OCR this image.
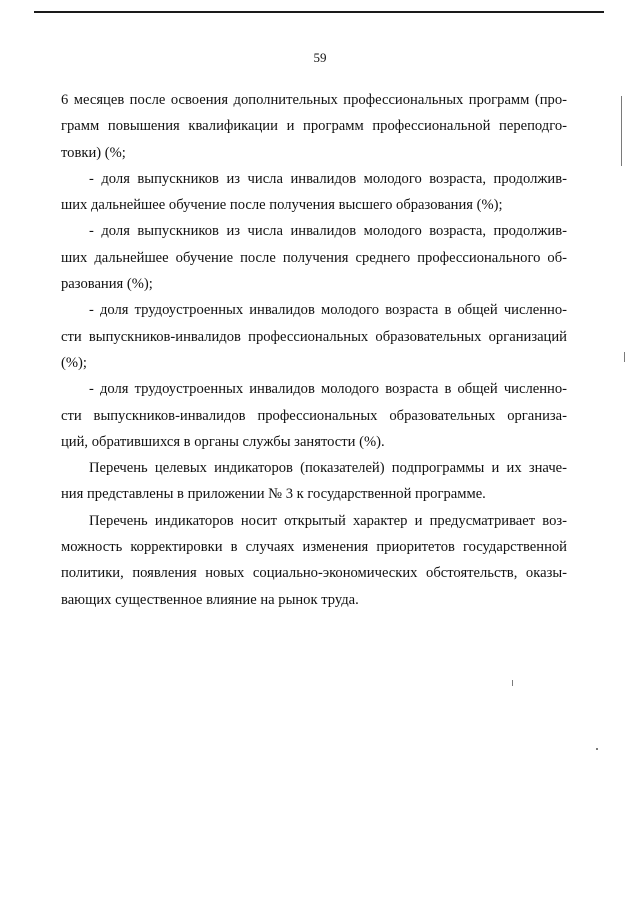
59
6 месяцев после освоения дополнительных профессиональных программ (про-
грамм повышения квалификации и программ профессиональной переподго-
товки) (%;
- доля выпускников из числа инвалидов молодого возраста, продолжив-
ших дальнейшее обучение после получения высшего образования (%);
- доля выпускников из числа инвалидов молодого возраста, продолжив-
ших дальнейшее обучение после получения среднего профессионального об-
разования (%);
- доля трудоустроенных инвалидов молодого возраста в общей численно-
сти выпускников-инвалидов профессиональных образовательных организаций
(%);
- доля трудоустроенных инвалидов молодого возраста в общей численно-
сти выпускников-инвалидов профессиональных образовательных организа-
ций, обратившихся в органы службы занятости (%).
Перечень целевых индикаторов (показателей) подпрограммы и их значе-
ния представлены в приложении № 3 к государственной программе.
Перечень индикаторов носит открытый характер и предусматривает воз-
можность корректировки в случаях изменения приоритетов государственной
политики, появления новых социально-экономических обстоятельств, оказы-
вающих существенное влияние на рынок труда.
